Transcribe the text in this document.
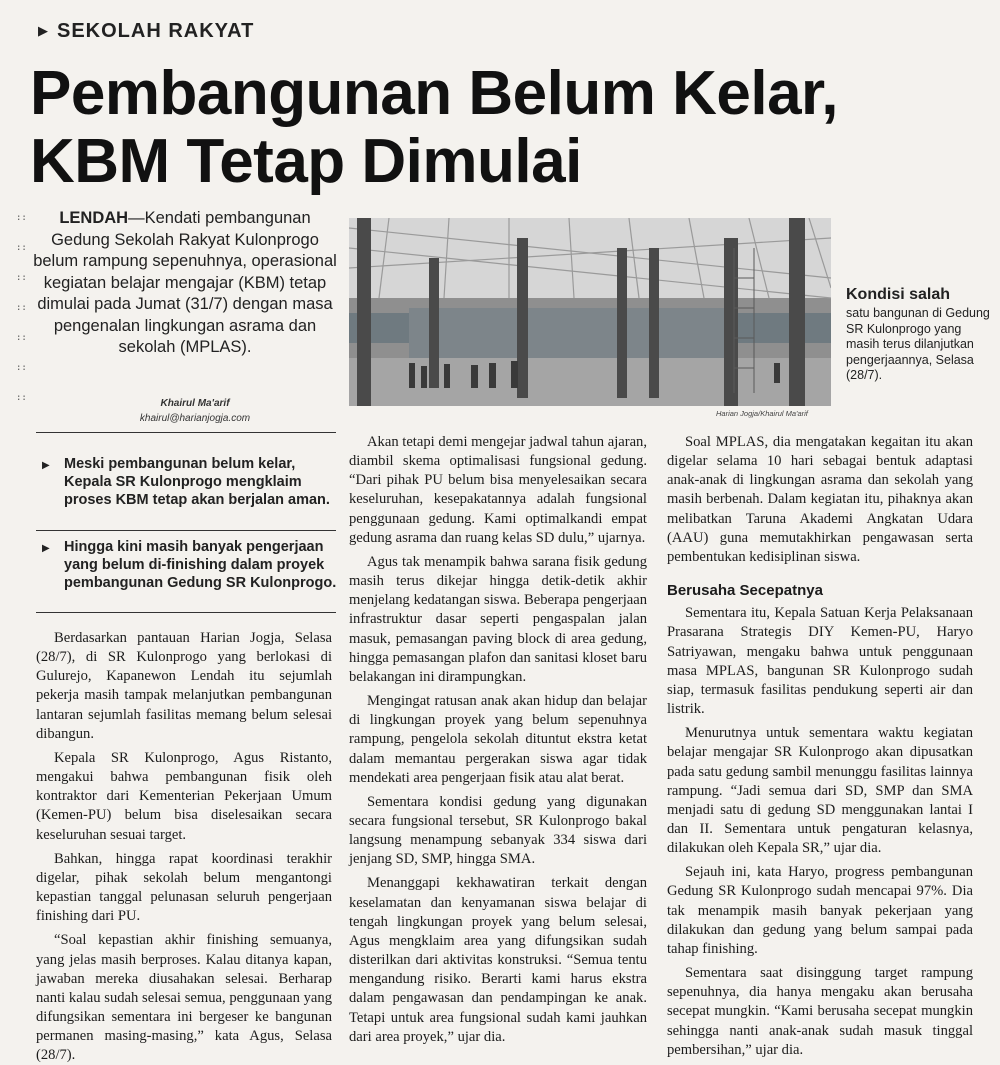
▶ SEKOLAH RAKYAT
Pembangunan Belum Kelar,
KBM Tetap Dimulai
::
::
::
::
::
::
::
LENDAH—Kendati pembangunan Gedung Sekolah Rakyat Kulonprogo belum rampung sepenuhnya, operasional kegiatan belajar mengajar (KBM) tetap dimulai pada Jumat (31/7) dengan masa pengenalan lingkungan asrama dan sekolah (MPLAS).
Khairul Ma'arif
khairul@harianjogja.com
▶ Meski pembangunan belum kelar, Kepala SR Kulonprogo mengklaim proses KBM tetap akan berjalan aman.
▶ Hingga kini masih banyak pengerjaan yang belum di-finishing dalam proyek pembangunan Gedung SR Kulonprogo.
Harian Jogja/Khairul Ma'arif
Kondisi salah
satu bangunan di Gedung SR Kulonprogo yang masih terus dilanjutkan pengerjaannya, Selasa (28/7).

Berdasarkan pantauan Harian Jogja, Selasa (28/7), di SR Kulonprogo yang berlokasi di Gulurejo, Kapanewon Lendah itu sejumlah pekerja masih tampak melanjutkan pembangunan lantaran sejumlah fasilitas memang belum selesai dibangun.

Kepala SR Kulonprogo, Agus Ristanto, mengakui bahwa pembangunan fisik oleh kontraktor dari Kementerian Pekerjaan Umum (Kemen-PU) belum bisa diselesaikan secara keseluruhan sesuai target.

Bahkan, hingga rapat koordinasi terakhir digelar, pihak sekolah belum mengantongi kepastian tanggal pelunasan seluruh pengerjaan finishing dari PU.

“Soal kepastian akhir finishing semuanya, yang jelas masih berproses. Kalau ditanya kapan, jawaban mereka diusahakan selesai. Berharap nanti kalau sudah selesai semua, penggunaan yang difungsikan sementara ini bergeser ke bangunan permanen masing-masing,” kata Agus, Selasa (28/7).

Akan tetapi demi mengejar jadwal tahun ajaran, diambil skema optimalisasi fungsional gedung. “Dari pihak PU belum bisa menyelesaikan secara keseluruhan, kesepakatannya adalah fungsional penggunaan gedung. Kami optimalkandi empat gedung asrama dan ruang kelas SD dulu,” ujarnya.

Agus tak menampik bahwa sarana fisik gedung masih terus dikejar hingga detik-detik akhir menjelang kedatangan siswa. Beberapa pengerjaan infrastruktur dasar seperti pengaspalan jalan masuk, pemasangan paving block di area gedung, hingga pemasangan plafon dan sanitasi kloset baru belakangan ini dirampungkan.

Mengingat ratusan anak akan hidup dan belajar di lingkungan proyek yang belum sepenuhnya rampung, pengelola sekolah dituntut ekstra ketat dalam memantau pergerakan siswa agar tidak mendekati area pengerjaan fisik atau alat berat.

Sementara kondisi gedung yang digunakan secara fungsional tersebut, SR Kulonprogo bakal langsung menampung sebanyak 334 siswa dari jenjang SD, SMP, hingga SMA.

Menanggapi kekhawatiran terkait dengan keselamatan dan kenyamanan siswa belajar di tengah lingkungan proyek yang belum selesai, Agus mengklaim area yang difungsikan sudah disterilkan dari aktivitas konstruksi. “Semua tentu mengandung risiko. Berarti kami harus ekstra dalam pengawasan dan pendampingan ke anak. Tetapi untuk area fungsional sudah kami jauhkan dari area proyek,” ujar dia.

Soal MPLAS, dia mengatakan kegaitan itu akan digelar selama 10 hari sebagai bentuk adaptasi anak-anak di lingkungan asrama dan sekolah yang masih berbenah. Dalam kegiatan itu, pihaknya akan melibatkan Taruna Akademi Angkatan Udara (AAU) guna memutakhirkan pengawasan serta pembentukan kedisiplinan siswa.

Berusaha Secepatnya

Sementara itu, Kepala Satuan Kerja Pelaksanaan Prasarana Strategis DIY Kemen-PU, Haryo Satriyawan, mengaku bahwa untuk penggunaan masa MPLAS, bangunan SR Kulonprogo sudah siap, termasuk fasilitas pendukung seperti air dan listrik.

Menurutnya untuk sementara waktu kegiatan belajar mengajar SR Kulonprogo akan dipusatkan pada satu gedung sambil menunggu fasilitas lainnya rampung. “Jadi semua dari SD, SMP dan SMA menjadi satu di gedung SD menggunakan lantai I dan II. Sementara untuk pengaturan kelasnya, dilakukan oleh Kepala SR,” ujar dia.

Sejauh ini, kata Haryo, progress pembangunan Gedung SR Kulonprogo sudah mencapai 97%. Dia tak menampik masih banyak pekerjaan yang dilakukan dan gedung yang belum sampai pada tahap finishing.

Sementara saat disinggung target rampung sepenuhnya, dia hanya mengaku akan berusaha secepat mungkin. “Kami berusaha secepat mungkin sehingga nanti anak-anak sudah masuk tinggal pembersihan,” ujar dia.
